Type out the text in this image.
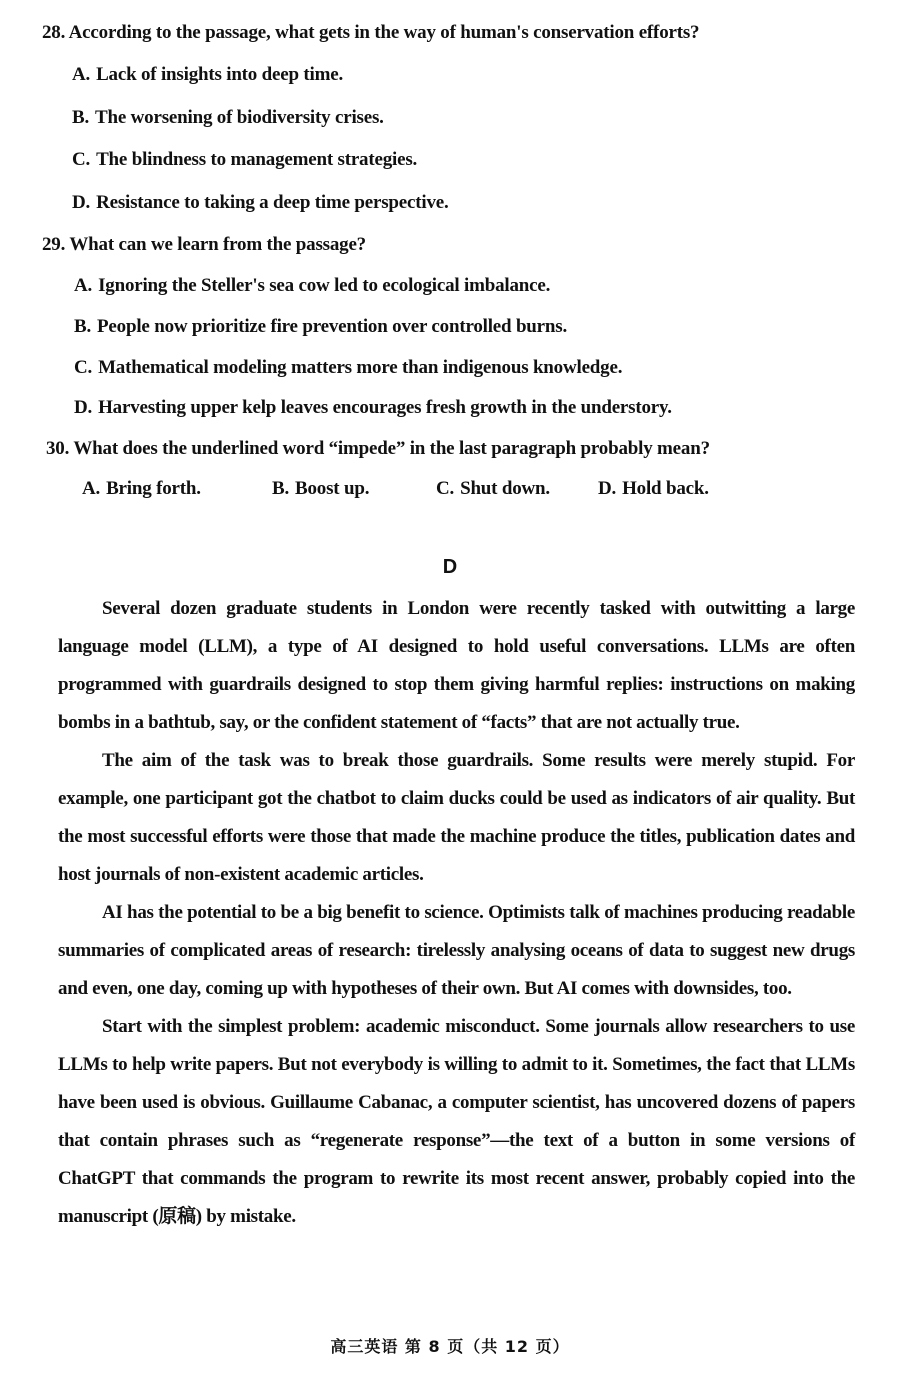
28. According to the passage, what gets in the way of human's conservation efforts?
A. Lack of insights into deep time.
B. The worsening of biodiversity crises.
C. The blindness to management strategies.
D. Resistance to taking a deep time perspective.
29. What can we learn from the passage?
A. Ignoring the Steller's sea cow led to ecological imbalance.
B. People now prioritize fire prevention over controlled burns.
C. Mathematical modeling matters more than indigenous knowledge.
D. Harvesting upper kelp leaves encourages fresh growth in the understory.
30. What does the underlined word “impede” in the last paragraph probably mean?
A. Bring forth.	B. Boost up.	C. Shut down.	D. Hold back.
D

Several dozen graduate students in London were recently tasked with outwitting a large language model (LLM), a type of AI designed to hold useful conversations. LLMs are often programmed with guardrails designed to stop them giving harmful replies: instructions on making bombs in a bathtub, say, or the confident statement of “facts” that are not actually true.

The aim of the task was to break those guardrails. Some results were merely stupid. For example, one participant got the chatbot to claim ducks could be used as indicators of air quality. But the most successful efforts were those that made the machine produce the titles, publication dates and host journals of non-existent academic articles.

AI has the potential to be a big benefit to science. Optimists talk of machines producing readable summaries of complicated areas of research: tirelessly analysing oceans of data to suggest new drugs and even, one day, coming up with hypotheses of their own. But AI comes with downsides, too.

Start with the simplest problem: academic misconduct. Some journals allow researchers to use LLMs to help write papers. But not everybody is willing to admit to it. Sometimes, the fact that LLMs have been used is obvious. Guillaume Cabanac, a computer scientist, has uncovered dozens of papers that contain phrases such as “regenerate response”—the text of a button in some versions of ChatGPT that commands the program to rewrite its most recent answer, probably copied into the manuscript (原稿) by mistake.

高三英语 第 8 页（共 12 页）
